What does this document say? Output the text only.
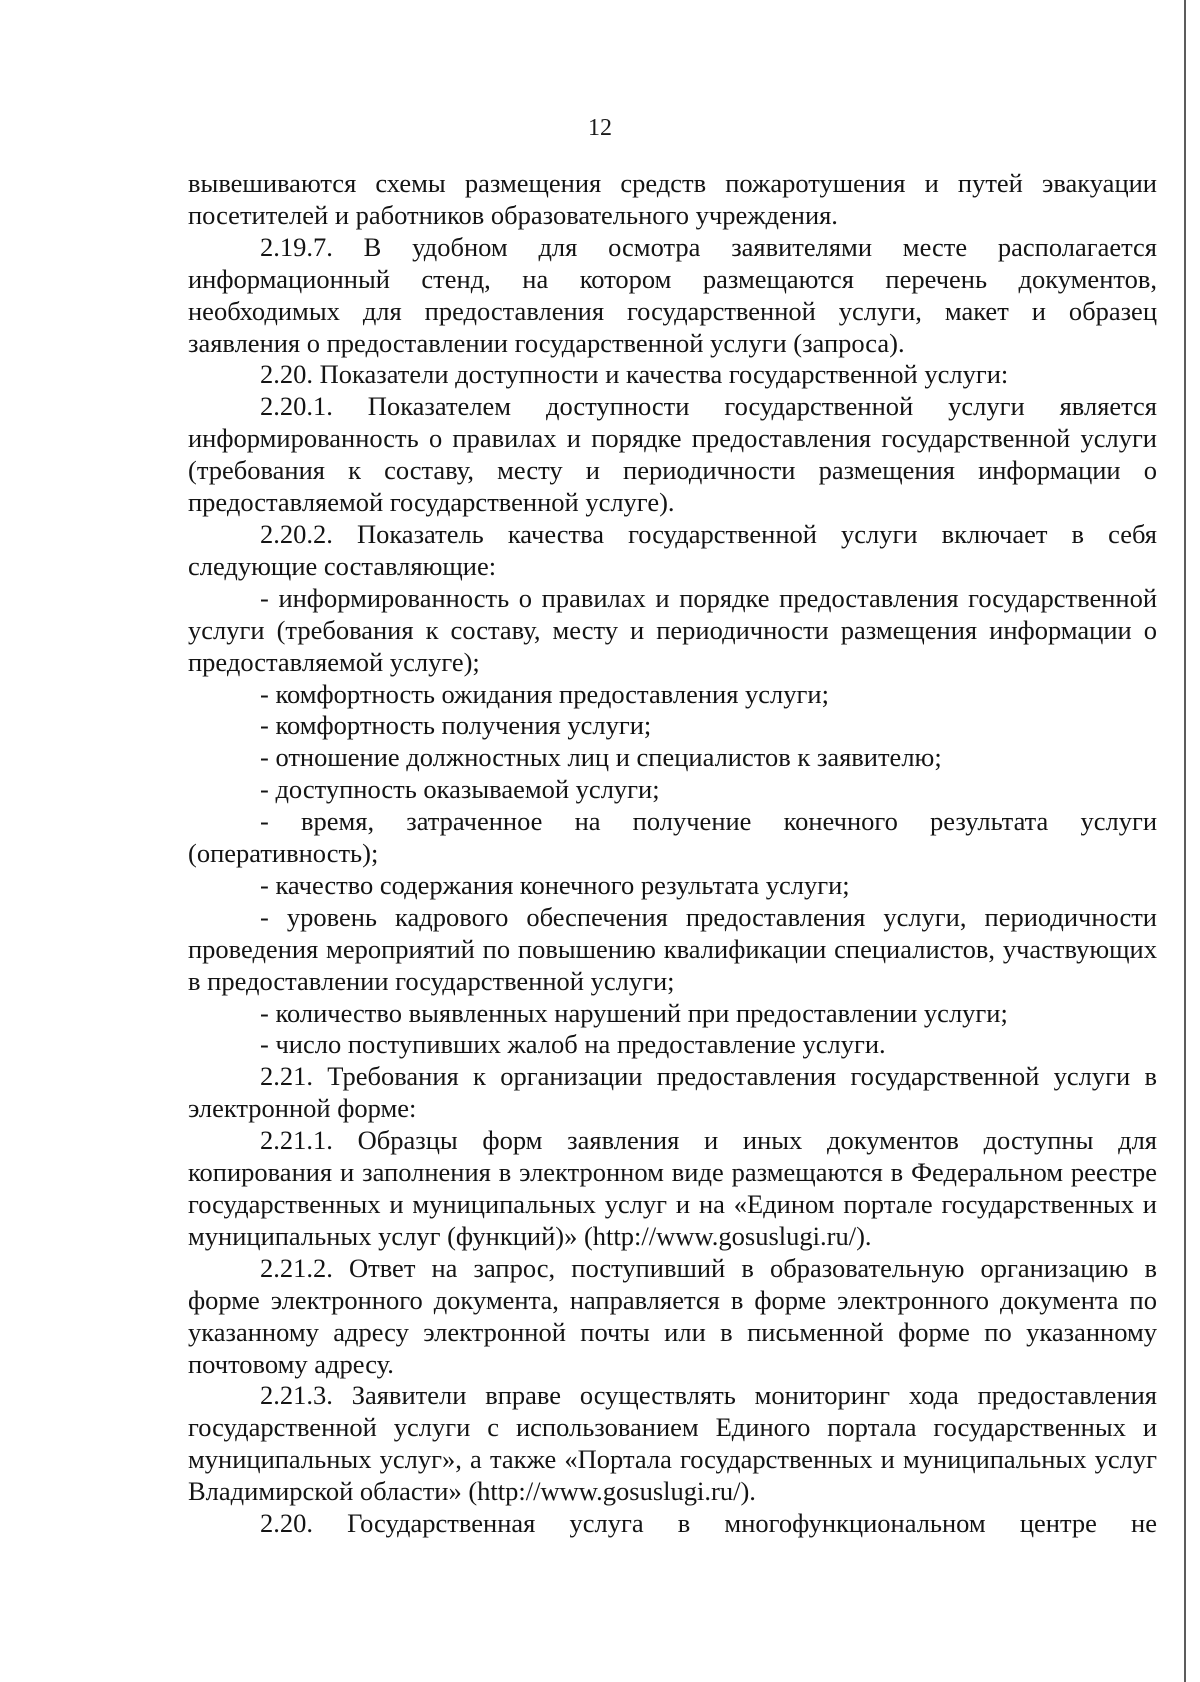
12

вывешиваются схемы размещения средств пожаротушения и путей эвакуации посетителей и работников образовательного учреждения.

2.19.7. В удобном для осмотра заявителями месте располагается информационный стенд, на котором размещаются перечень документов, необходимых для предоставления государственной услуги, макет и образец заявления о предоставлении государственной услуги (запроса).

2.20. Показатели доступности и качества государственной услуги:

2.20.1. Показателем доступности государственной услуги является информированность о правилах и порядке предоставления государственной услуги (требования к составу, месту и периодичности размещения информации о предоставляемой государственной услуге).

2.20.2. Показатель качества государственной услуги включает в себя следующие составляющие:

- информированность о правилах и порядке предоставления государственной услуги (требования к составу, месту и периодичности размещения информации о предоставляемой услуге);

- комфортность ожидания предоставления услуги;

- комфортность получения услуги;

- отношение должностных лиц и специалистов к заявителю;

- доступность оказываемой услуги;

- время, затраченное на получение конечного результата услуги (оперативность);

- качество содержания конечного результата услуги;

- уровень кадрового обеспечения предоставления услуги, периодичности проведения мероприятий по повышению квалификации специалистов, участвующих в предоставлении государственной услуги;

- количество выявленных нарушений при предоставлении услуги;

- число поступивших жалоб на предоставление услуги.

2.21. Требования к организации предоставления государственной услуги в электронной форме:

2.21.1. Образцы форм заявления и иных документов доступны для копирования и заполнения в электронном виде размещаются в Федеральном реестре государственных и муниципальных услуг и на «Едином портале государственных и муниципальных услуг (функций)» (http://www.gosuslugi.ru/).

2.21.2. Ответ на запрос, поступивший в образовательную организацию в форме электронного документа, направляется в форме электронного документа по указанному адресу электронной почты или в письменной форме по указанному почтовому адресу.

2.21.3. Заявители вправе осуществлять мониторинг хода предоставления государственной услуги с использованием Единого портала государственных и муниципальных услуг», а также «Портала государственных и муниципальных услуг Владимирской области» (http://www.gosuslugi.ru/).

2.20. Государственная услуга в многофункциональном центре не
